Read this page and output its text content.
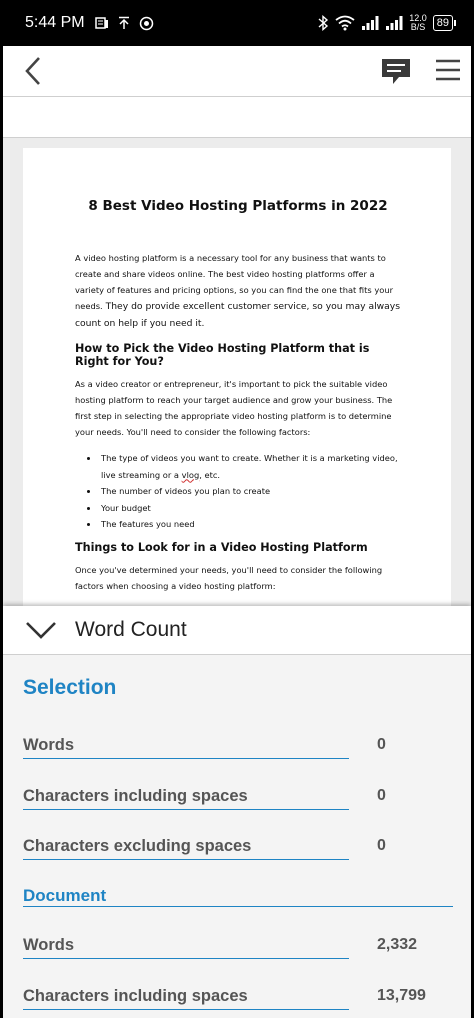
5:44 PM	12.0
B/S	89

8 Best Video Hosting Platforms in 2022

A video hosting platform is a necessary tool for any business that wants to create and share videos online. The best video hosting platforms offer a variety of features and pricing options, so you can find the one that fits your needs. They do provide excellent customer service, so you may always count on help if you need it.

How to Pick the Video Hosting Platform that is Right for You?

As a video creator or entrepreneur, it's important to pick the suitable video hosting platform to reach your target audience and grow your business. The first step in selecting the appropriate video hosting platform is to determine your needs. You'll need to consider the following factors:

• The type of videos you want to create. Whether it is a marketing video, live streaming or a vlog, etc.
• The number of videos you plan to create
• Your budget
• The features you need

Things to Look for in a Video Hosting Platform

Once you've determined your needs, you'll need to consider the following factors when choosing a video hosting platform:

Word Count
Selection
Words	0
Characters including spaces	0
Characters excluding spaces	0
Document
Words	2,332
Characters including spaces	13,799
